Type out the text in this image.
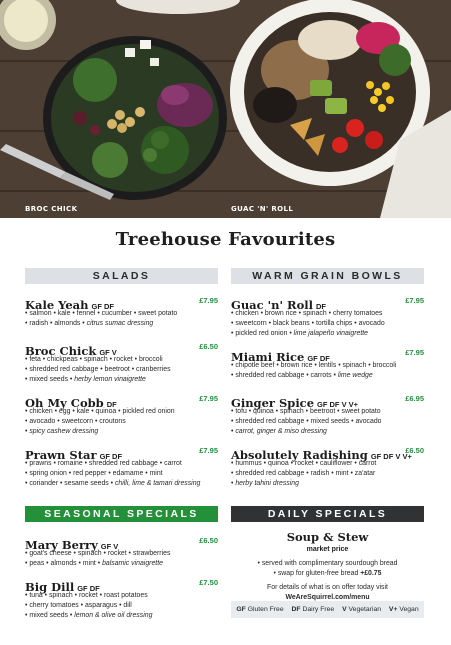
BROC CHICK	GUAC 'N' ROLL
Treehouse Favourites
SALADS
Kale Yeah GF DF
£7.95
• salmon • kale • fennel • cucumber • sweet potato
• radish • almonds • citrus sumac dressing
Broc Chick GF V
£6.50
• feta • chickpeas • spinach • rocket • broccoli
• shredded red cabbage • beetroot • cranberries
• mixed seeds • herby lemon vinaigrette
Oh My Cobb DF
£7.95
• chicken • egg • kale • quinoa • pickled red onion
• avocado • sweetcorn • croutons
• spicy cashew dressing
Prawn Star GF DF
£7.95
• prawns • romaine • shredded red cabbage • carrot
• spring onion • red pepper • edamame • mint
• coriander • sesame seeds • chilli, lime & tamari dressing
WARM GRAIN BOWLS
Guac 'n' Roll DF
£7.95
• chicken • brown rice • spinach • cherry tomatoes
• sweetcorn • black beans • tortilla chips • avocado
• pickled red onion • lime jalapeño vinaigrette
Miami Rice GF DF
£7.95
• chipotle beef • brown rice • lentils • spinach • broccoli
• shredded red cabbage • carrots • lime wedge
Ginger Spice GF DF V V+
£6.95
• tofu • quinoa • spinach • beetroot • sweet potato
• shredded red cabbage • mixed seeds • avocado
• carrot, ginger & miso dressing
Absolutely Radishing GF DF V V+
£6.50
• hummus • quinoa • rocket • cauliflower • carrot
• shredded red cabbage • radish • mint • za'atar
• herby tahini dressing
SEASONAL SPECIALS
Mary Berry GF V
£6.50
• goat's cheese • spinach • rocket • strawberries
• peas • almonds • mint • balsamic vinaigrette
Big Dill GF DF
£7.50
• tuna • spinach • rocket • roast potatoes
• cherry tomatoes • asparagus • dill
• mixed seeds • lemon & olive oil dressing
DAILY SPECIALS
Soup & Stew
market price
• served with complimentary sourdough bread
• swap for gluten-free bread +£0.75
For details of what is on offer today visit
WeAreSquirrel.com/menu
GF Gluten Free DF Dairy Free V Vegetarian V+ Vegan
